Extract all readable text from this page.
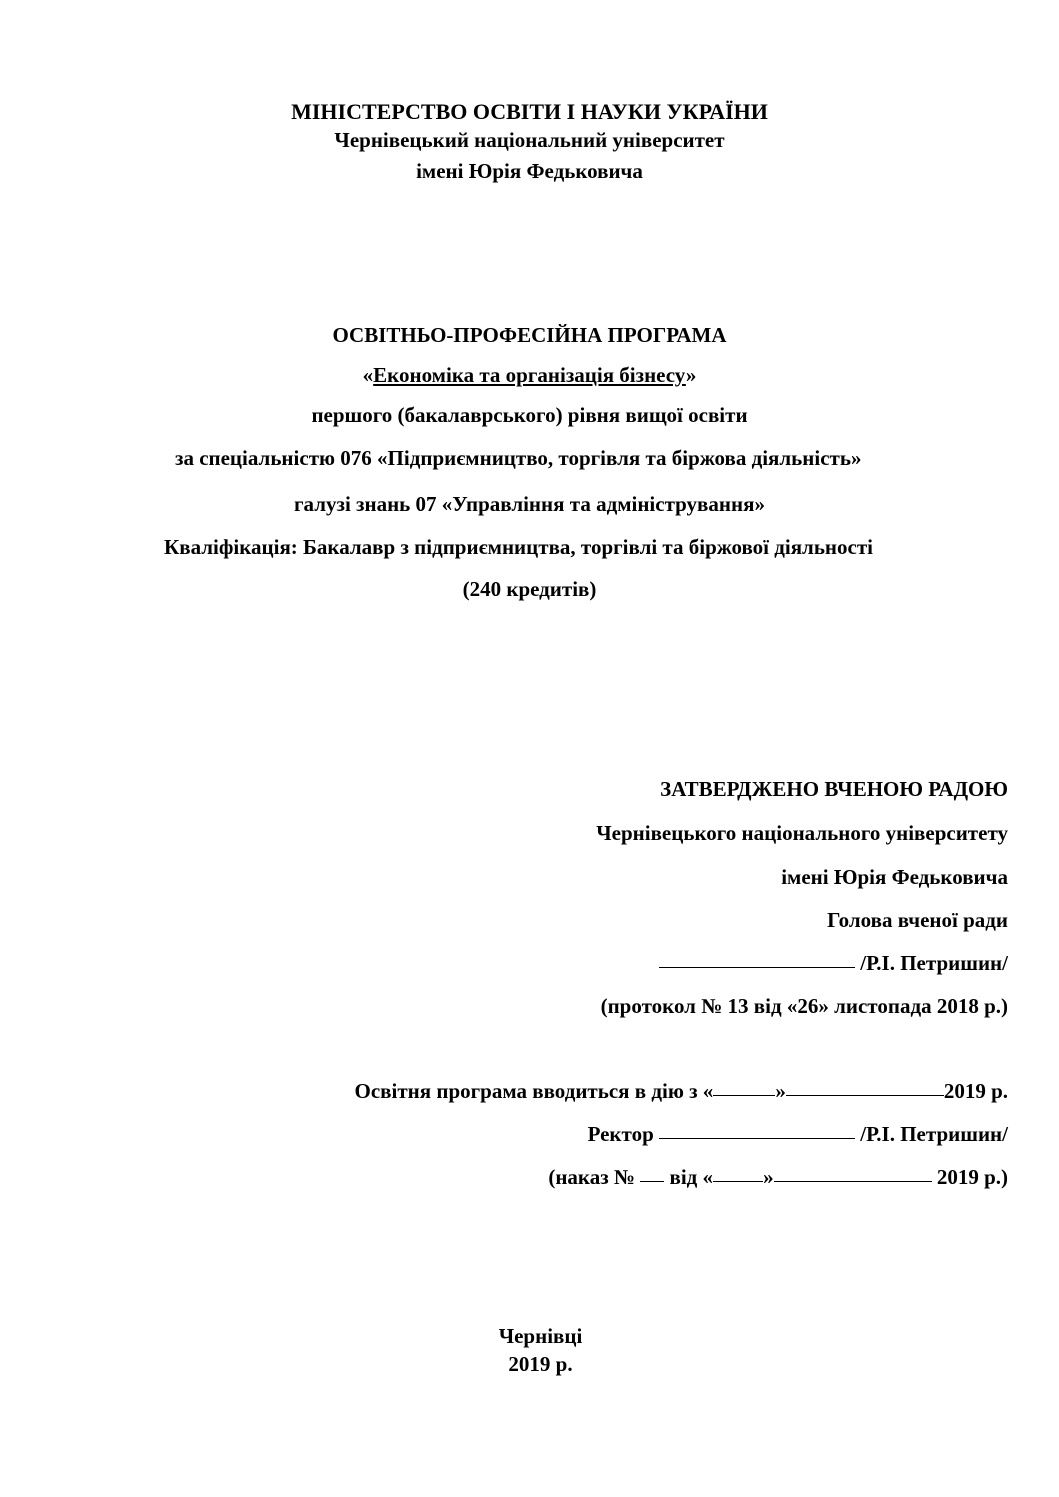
МІНІСТЕРСТВО ОСВІТИ І НАУКИ УКРАЇНИ
Чернівецький національний університет
імені Юрія Федьковича
ОСВІТНЬО-ПРОФЕСІЙНА ПРОГРАМА
«Економіка та організація бізнесу»
першого (бакалаврського) рівня вищої освіти
за спеціальністю 076 «Підприємництво, торгівля та біржова діяльність»
галузі знань 07 «Управління та адміністрування»
Кваліфікація: Бакалавр з підприємництва, торгівлі та біржової діяльності
(240 кредитів)
ЗАТВЕРДЖЕНО ВЧЕНОЮ РАДОЮ
Чернівецького національного університету
імені Юрія Федьковича
Голова вченої ради
/Р.І. Петришин/
(протокол № 13 від «26» листопада 2018 р.)
Освітня програма вводиться в дію з «	»	2019 р.
Ректор	/Р.І. Петришин/
(наказ № від « »	2019 р.)
Чернівці
2019 р.
